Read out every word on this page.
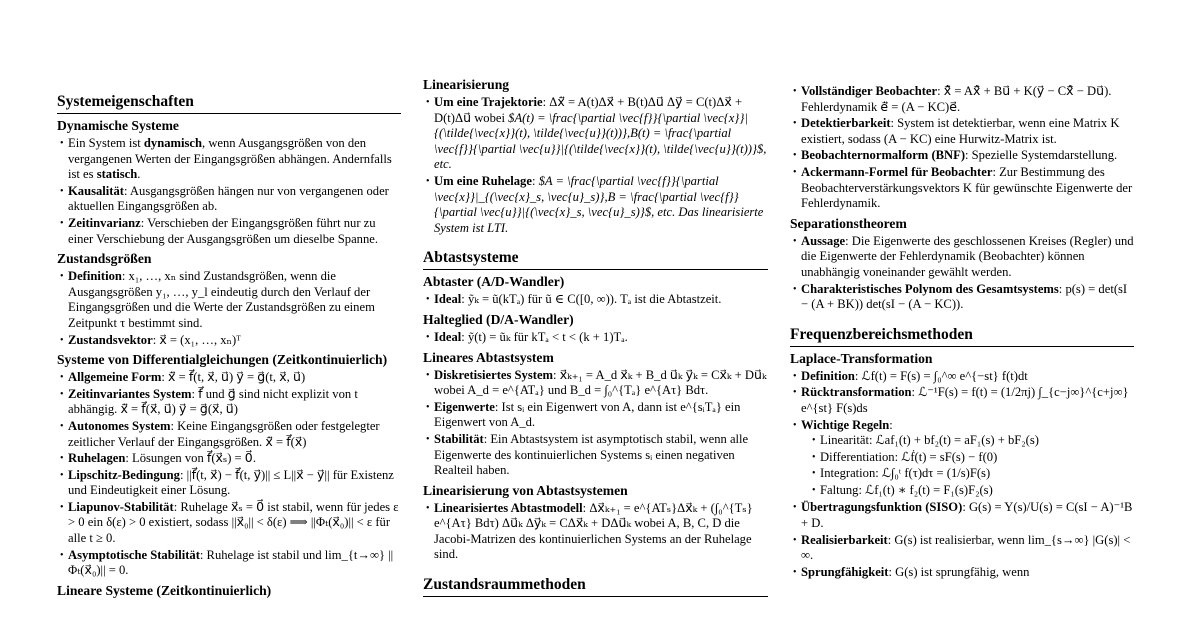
Systemeigenschaften
Dynamische Systeme
• Ein System ist dynamisch, wenn Ausgangsgrößen von den vergangenen Werten der Eingangsgrößen abhängen. Andernfalls ist es statisch.
• Kausalität: Ausgangsgrößen hängen nur von vergangenen oder aktuellen Eingangsgrößen ab.
• Zeitinvarianz: Verschieben der Eingangsgrößen führt nur zu einer Verschiebung der Ausgangsgrößen um dieselbe Spanne.
Zustandsgrößen
• Definition: x₁, …, xₙ sind Zustandsgrößen, wenn die Ausgangsgrößen y₁, …, y_l eindeutig durch den Verlauf der Eingangsgrößen und die Werte der Zustandsgrößen zu einem Zeitpunkt τ bestimmt sind.
• Zustandsvektor: x⃗ = (x₁, …, xₙ)ᵀ
Systeme von Differentialgleichungen (Zeitkontinuierlich)
• Allgemeine Form: ẋ⃗ = f⃗(t, x⃗, u⃗) y⃗ = g⃗(t, x⃗, u⃗)
• Zeitinvariantes System: f⃗ und g⃗ sind nicht explizit von t abhängig. ẋ⃗ = f⃗(x⃗, u⃗) y⃗ = g⃗(x⃗, u⃗)
• Autonomes System: Keine Eingangsgrößen oder festgelegter zeitlicher Verlauf der Eingangsgrößen. ẋ⃗ = f⃗(x⃗)
• Ruhelagen: Lösungen von f⃗(x⃗ₛ) = 0⃗.
• Lipschitz-Bedingung: ||f⃗(t, x⃗) − f⃗(t, y⃗)|| ≤ L||x⃗ − y⃗|| für Existenz und Eindeutigkeit einer Lösung.
• Liapunov-Stabilität: Ruhelage x⃗ₛ = 0⃗ ist stabil, wenn für jedes ε > 0 ein δ(ε) > 0 existiert, sodass ||x⃗₀|| < δ(ε) ⟹ ||Φₜ(x⃗₀)|| < ε für alle t ≥ 0.
• Asymptotische Stabilität: Ruhelage ist stabil und lim_{t→∞} ||Φₜ(x⃗₀)|| = 0.
Lineare Systeme (Zeitkontinuierlich)
Linearisierung
• Um eine Trajektorie: Δẋ⃗ = A(t)Δx⃗ + B(t)Δu⃗ Δy⃗ = C(t)Δx⃗ + D(t)Δu⃗ wobei $A(t) = \frac{\partial \vec{f}}{\partial \vec{x}}|{(\tilde{\vec{x}}(t), \tilde{\vec{u}}(t))},B(t) = \frac{\partial \vec{f}}{\partial \vec{u}}|{(\tilde{\vec{x}}(t), \tilde{\vec{u}}(t))}$, etc.
• Um eine Ruhelage: $A = \frac{\partial \vec{f}}{\partial \vec{x}}|_{(\vec{x}_s, \vec{u}_s)},B = \frac{\partial \vec{f}}{\partial \vec{u}}|{(\vec{x}_s, \vec{u}_s)}$, etc. Das linearisierte System ist LTI.
Abtastsysteme
Abtaster (A/D-Wandler)
• Ideal: ỹₖ = ũ(kTₐ) für ũ ∈ C([0, ∞)). Tₐ ist die Abtastzeit.
Halteglied (D/A-Wandler)
• Ideal: ỹ(t) = ũₖ für kTₐ < t < (k + 1)Tₐ.
Lineares Abtastsystem
• Diskretisiertes System: x⃗ₖ₊₁ = A_d x⃗ₖ + B_d u⃗ₖ y⃗ₖ = Cx⃗ₖ + Du⃗ₖ wobei A_d = e^{ATₐ} und B_d = ∫₀^{Tₐ} e^{Aτ} Bdτ.
• Eigenwerte: Ist sᵢ ein Eigenwert von A, dann ist e^{sᵢTₐ} ein Eigenwert von A_d.
• Stabilität: Ein Abtastsystem ist asymptotisch stabil, wenn alle Eigenwerte des kontinuierlichen Systems sᵢ einen negativen Realteil haben.
Linearisierung von Abtastsystemen
• Linearisiertes Abtastmodell: Δx⃗ₖ₊₁ = e^{ATₛ}Δx⃗ₖ + (∫₀^{Tₛ} e^{Aτ} Bdτ) Δu⃗ₖ Δy⃗ₖ = CΔx⃗ₖ + DΔu⃗ₖ wobei A, B, C, D die Jacobi-Matrizen des kontinuierlichen Systems an der Ruhelage sind.
Zustandsraummethoden
• Vollständiger Beobachter: x̂̇⃗ = Ax̂⃗ + Bu⃗ + K(y⃗ − Cx̂⃗ − Du⃗). Fehlerdynamik ė⃗ = (A − KC)e⃗.
• Detektierbarkeit: System ist detektierbar, wenn eine Matrix K existiert, sodass (A − KC) eine Hurwitz-Matrix ist.
• Beobachternormalform (BNF): Spezielle Systemdarstellung.
• Ackermann-Formel für Beobachter: Zur Bestimmung des Beobachterverstärkungsvektors K für gewünschte Eigenwerte der Fehlerdynamik.
Separationstheorem
• Aussage: Die Eigenwerte des geschlossenen Kreises (Regler) und die Eigenwerte der Fehlerdynamik (Beobachter) können unabhängig voneinander gewählt werden.
• Charakteristisches Polynom des Gesamtsystems: p(s) = det(sI − (A + BK)) det(sI − (A − KC)).
Frequenzbereichsmethoden
Laplace-Transformation
• Definition: ℒf(t) = F(s) = ∫₀^∞ e^{−st} f(t)dt
• Rücktransformation: ℒ⁻¹F(s) = f(t) = (1/2πj) ∫_{c−j∞}^{c+j∞} e^{st} F(s)ds
• Wichtige Regeln:
• Linearität: ℒaf₁(t) + bf₂(t) = aF₁(s) + bF₂(s)
• Differentiation: ℒḟ(t) = sF(s) − f(0)
• Integration: ℒ∫₀ᵗ f(τ)dτ = (1/s)F(s)
• Faltung: ℒf₁(t) ∗ f₂(t) = F₁(s)F₂(s)
• Übertragungsfunktion (SISO): G(s) = Y(s)/U(s) = C(sI − A)⁻¹B + D.
• Realisierbarkeit: G(s) ist realisierbar, wenn lim_{s→∞} |G(s)| < ∞.
• Sprungfähigkeit: G(s) ist sprungfähig, wenn
